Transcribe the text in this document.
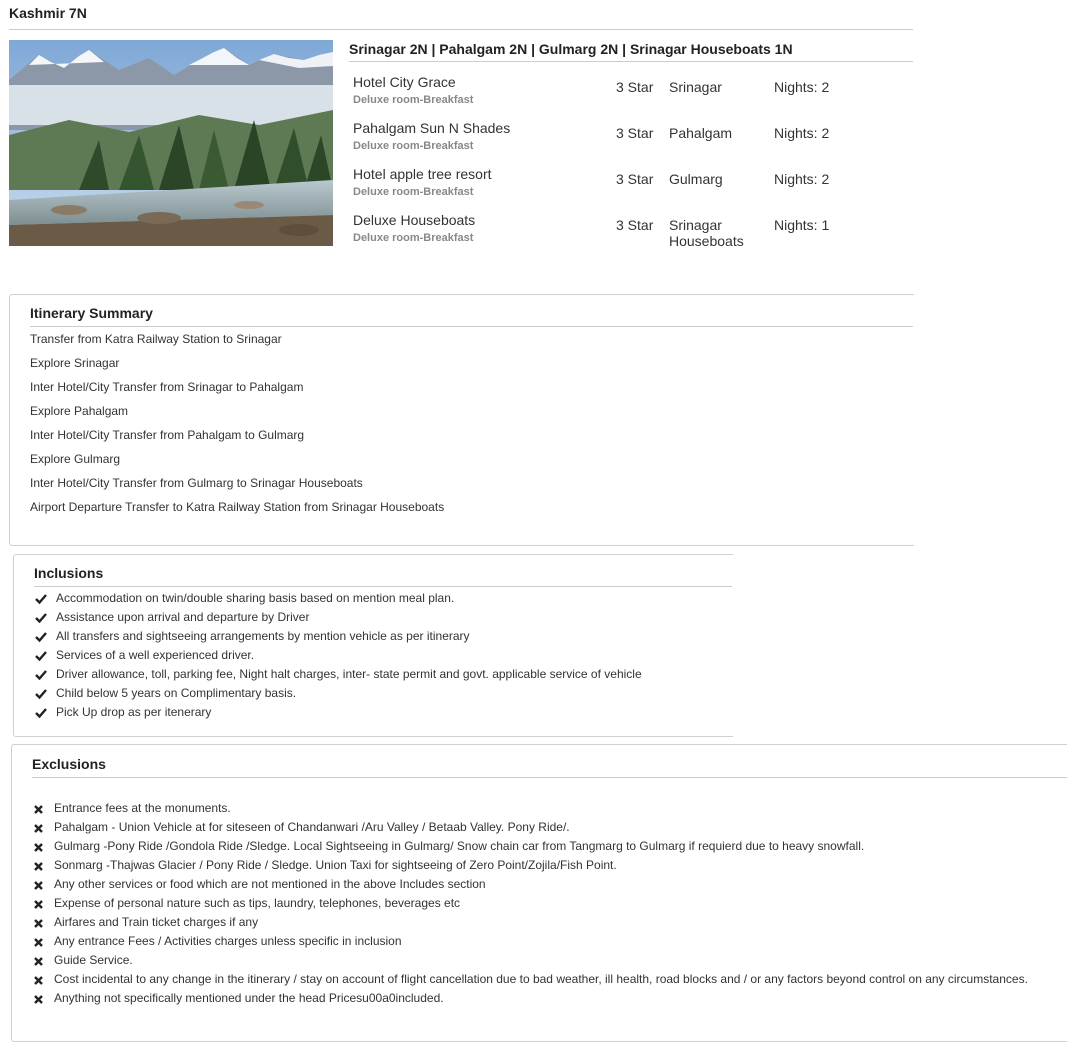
Kashmir 7N
Srinagar 2N | Pahalgam 2N | Gulmarg 2N | Srinagar Houseboats 1N
Hotel City Grace
Deluxe room-Breakfast
3 Star Srinagar	Nights: 2
Pahalgam Sun N Shades
Deluxe room-Breakfast
3 Star Pahalgam	Nights: 2
Hotel apple tree resort
Deluxe room-Breakfast
3 Star Gulmarg	Nights: 2
Deluxe Houseboats
Deluxe room-Breakfast
3 Star Srinagar Houseboats
Nights: 1
Itinerary Summary
Transfer from Katra Railway Station to Srinagar
Explore Srinagar
Inter Hotel/City Transfer from Srinagar to Pahalgam
Explore Pahalgam
Inter Hotel/City Transfer from Pahalgam to Gulmarg
Explore Gulmarg
Inter Hotel/City Transfer from Gulmarg to Srinagar Houseboats
Airport Departure Transfer to Katra Railway Station from Srinagar Houseboats
Inclusions
Accommodation on twin/double sharing basis based on mention meal plan.
Assistance upon arrival and departure by Driver
All transfers and sightseeing arrangements by mention vehicle as per itinerary
Services of a well experienced driver.
Driver allowance, toll, parking fee, Night halt charges, inter- state permit and govt. applicable service of vehicle
Child below 5 years on Complimentary basis.
Pick Up drop as per itenerary
Exclusions
Entrance fees at the monuments.
Pahalgam - Union Vehicle at for siteseen of Chandanwari /Aru Valley / Betaab Valley. Pony Ride/.
Gulmarg -Pony Ride /Gondola Ride /Sledge. Local Sightseeing in Gulmarg/ Snow chain car from Tangmarg to Gulmarg if requierd due to heavy snowfall.
Sonmarg -Thajwas Glacier / Pony Ride / Sledge. Union Taxi for sightseeing of Zero Point/Zojila/Fish Point.
Any other services or food which are not mentioned in the above Includes section
Expense of personal nature such as tips, laundry, telephones, beverages etc
Airfares and Train ticket charges if any
Any entrance Fees / Activities charges unless specific in inclusion
Guide Service.
Cost incidental to any change in the itinerary / stay on account of flight cancellation due to bad weather, ill health, road blocks and / or any factors beyond control on any circumstances.
Anything not specifically mentioned under the head Pricesu00a0included.
